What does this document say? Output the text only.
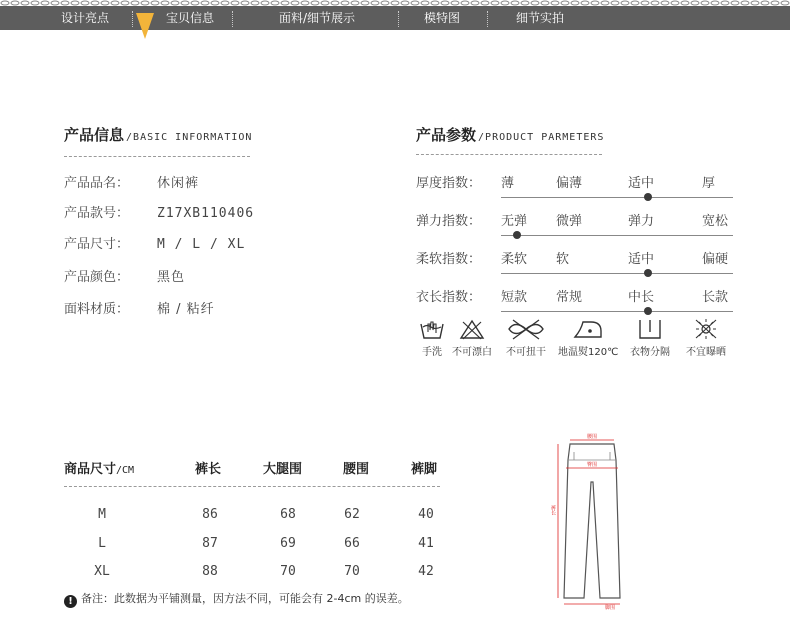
设计亮点	宝贝信息	面料/细节展示	模特图	细节实拍
产品信息 /BASIC INFORMATION
产品品名： 休闲裤
产品款号： Z17XB110406
产品尺寸： M / L / XL
产品颜色： 黑色
面料材质： 棉 / 粘纤
产品参数 /PRODUCT PARMETERS
厚度指数： 薄	偏薄	适中	厚
弹力指数： 无弹 微弹	弹力	宽松
柔软指数： 柔软 软	适中	偏硬
衣长指数： 短款 常规	中长	长款
手洗	不可漂白	不可扭干	地温熨120℃	衣物分隔	不宜曝晒
商品尺寸/CM	裤长	大腿围	腰围	裤脚
M	86	68	62	40
L	87	69	66	41
XL	88	70	70	42
! 备注：此数据为平铺测量，因方法不同，可能会有 2-4cm 的误差。
腰围
臀围
裤长
脚围
